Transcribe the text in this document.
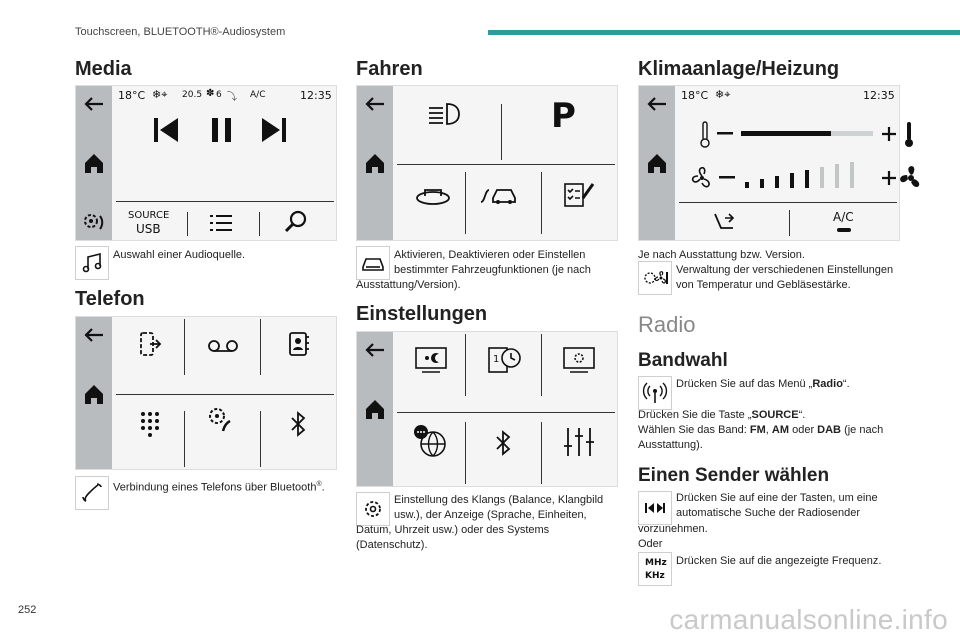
Touchscreen, BLUETOOTH®-Audiosystem
252	carmanualsonline.info
Media
18°C ❄⌖ 20.5 ✽ 6 ⤵ A/C	12:35
SOURCE
USB
Auswahl einer Audioquelle.
Telefon
Verbindung eines Telefons über Bluetooth®.
Fahren
P
Aktivieren, Deaktivieren oder Einstellen
bestimmter Fahrzeugfunktionen (je nach
Ausstattung/Version).
Einstellungen
1
Einstellung des Klangs (Balance, Klangbild
usw.), der Anzeige (Sprache, Einheiten,
Datum, Uhrzeit usw.) oder des Systems
(Datenschutz).
Klimaanlage/Heizung
18°C ❄⌖	12:35
A/C
Je nach Ausstattung bzw. Version.
Verwaltung der verschiedenen Einstellungen
von Temperatur und Gebläsestärke.
Radio
Bandwahl
Drücken Sie auf das Menü „Radio“.
Drücken Sie die Taste „SOURCE“.
Wählen Sie das Band: FM, AM oder DAB (je nach
Ausstattung).
Einen Sender wählen
Drücken Sie auf eine der Tasten, um eine
automatische Suche der Radiosender
vorzunehmen.
Oder
MHz
KHz
Drücken Sie auf die angezeigte Frequenz.
